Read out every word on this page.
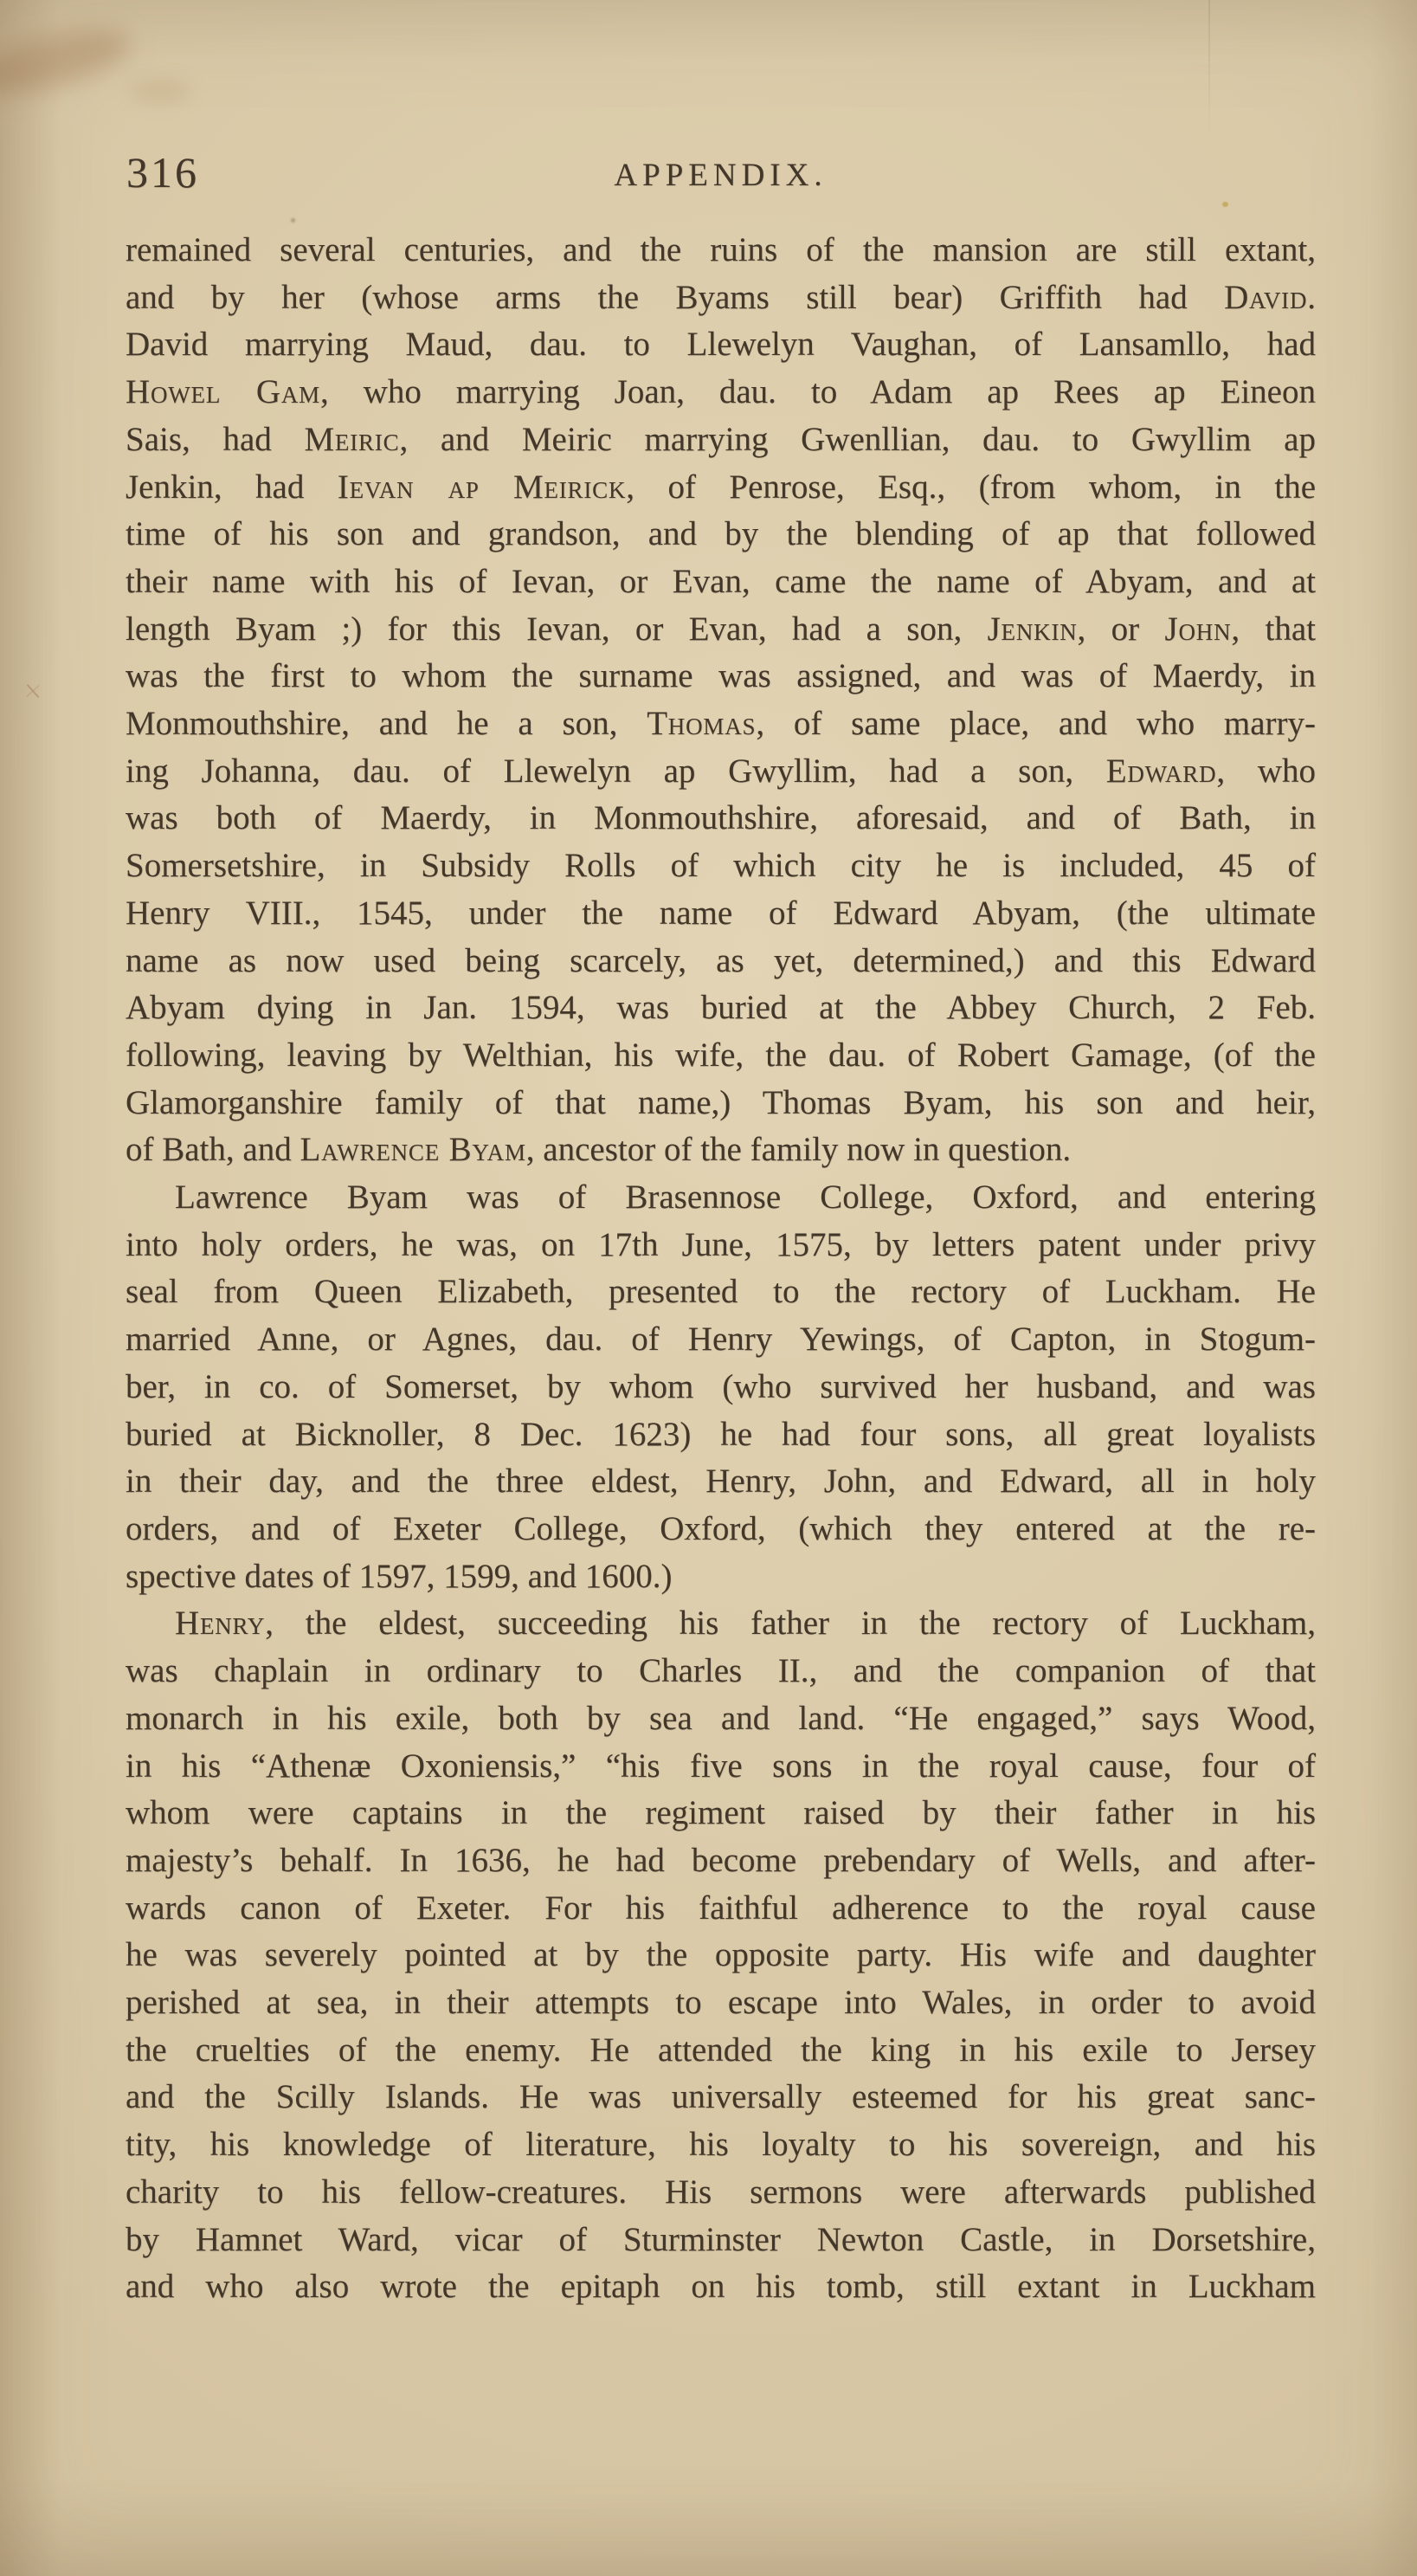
316	APPENDIX.
remained several centuries, and the ruins of the mansion are still extant,
and by her (whose arms the Byams still bear) Griffith had David.
David marrying Maud, dau. to Llewelyn Vaughan, of Lansamllo, had
Howel Gam, who marrying Joan, dau. to Adam ap Rees ap Eineon
Sais, had Meiric, and Meiric marrying Gwenllian, dau. to Gwyllim ap
Jenkin, had Ievan ap Meirick, of Penrose, Esq., (from whom, in the
time of his son and grandson, and by the blending of ap that followed
their name with his of Ievan, or Evan, came the name of Abyam, and at
length Byam ;) for this Ievan, or Evan, had a son, Jenkin, or John, that
was the first to whom the surname was assigned, and was of Maerdy, in
Monmouthshire, and he a son, Thomas, of same place, and who marry-
ing Johanna, dau. of Llewelyn ap Gwyllim, had a son, Edward, who
was both of Maerdy, in Monmouthshire, aforesaid, and of Bath, in
Somersetshire, in Subsidy Rolls of which city he is included, 45 of
Henry VIII., 1545, under the name of Edward Abyam, (the ultimate
name as now used being scarcely, as yet, determined,) and this Edward
Abyam dying in Jan. 1594, was buried at the Abbey Church, 2 Feb.
following, leaving by Welthian, his wife, the dau. of Robert Gamage, (of the
Glamorganshire family of that name,) Thomas Byam, his son and heir,
of Bath, and Lawrence Byam, ancestor of the family now in question.
Lawrence Byam was of Brasennose College, Oxford, and entering
into holy orders, he was, on 17th June, 1575, by letters patent under privy
seal from Queen Elizabeth, presented to the rectory of Luckham. He
married Anne, or Agnes, dau. of Henry Yewings, of Capton, in Stogum-
ber, in co. of Somerset, by whom (who survived her husband, and was
buried at Bicknoller, 8 Dec. 1623) he had four sons, all great loyalists
in their day, and the three eldest, Henry, John, and Edward, all in holy
orders, and of Exeter College, Oxford, (which they entered at the re-
spective dates of 1597, 1599, and 1600.)
Henry, the eldest, succeeding his father in the rectory of Luckham,
was chaplain in ordinary to Charles II., and the companion of that
monarch in his exile, both by sea and land. “He engaged,” says Wood,
in his “Athenæ Oxoniensis,” “his five sons in the royal cause, four of
whom were captains in the regiment raised by their father in his
majesty’s behalf. In 1636, he had become prebendary of Wells, and after-
wards canon of Exeter. For his faithful adherence to the royal cause
he was severely pointed at by the opposite party. His wife and daughter
perished at sea, in their attempts to escape into Wales, in order to avoid
the cruelties of the enemy. He attended the king in his exile to Jersey
and the Scilly Islands. He was universally esteemed for his great sanc-
tity, his knowledge of literature, his loyalty to his sovereign, and his
charity to his fellow-creatures. His sermons were afterwards published
by Hamnet Ward, vicar of Sturminster Newton Castle, in Dorsetshire,
and who also wrote the epitaph on his tomb, still extant in Luckham
